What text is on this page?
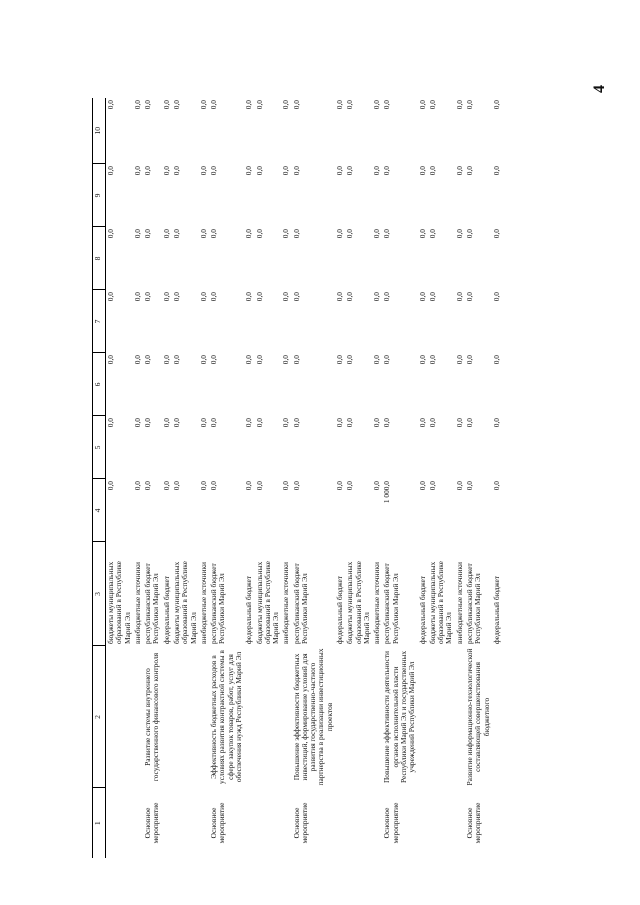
4
1	2	3	4	5	6	7	8	9	10
		бюджеты муниципальных образований в Республике Марий Эл	0,0	0,0	0,0	0,0	0,0	0,0	0,0
		внебюджетные источники	0,0	0,0	0,0	0,0	0,0	0,0	0,0
Основное мероприятие	Развитие системы внутреннего государственного финансового контроля	республиканский бюджет Республики Марий Эл	0,0	0,0	0,0	0,0	0,0	0,0	0,0
		федеральный бюджет	0,0	0,0	0,0	0,0	0,0	0,0	0,0
		бюджеты муниципальных образований в Республике Марий Эл	0,0	0,0	0,0	0,0	0,0	0,0	0,0
		внебюджетные источники	0,0	0,0	0,0	0,0	0,0	0,0	0,0
Основное мероприятие	Эффективность бюджетных расходов в условиях развития контрактной системы в сфере закупок товаров, работ, услуг для обеспечения нужд Республики Марий Эл	республиканский бюджет Республики Марий Эл	0,0	0,0	0,0	0,0	0,0	0,0	0,0
		федеральный бюджет	0,0	0,0	0,0	0,0	0,0	0,0	0,0
		бюджеты муниципальных образований в Республике Марий Эл	0,0	0,0	0,0	0,0	0,0	0,0	0,0
		внебюджетные источники	0,0	0,0	0,0	0,0	0,0	0,0	0,0
Основное мероприятие	Повышение эффективности бюджетных инвестиций, формирование условий для развития государственно-частного партнерства в реализации инвестиционных проектов	республиканский бюджет Республики Марий Эл	0,0	0,0	0,0	0,0	0,0	0,0	0,0
		федеральный бюджет	0,0	0,0	0,0	0,0	0,0	0,0	0,0
		бюджеты муниципальных образований в Республике Марий Эл	0,0	0,0	0,0	0,0	0,0	0,0	0,0
		внебюджетные источники	0,0	0,0	0,0	0,0	0,0	0,0	0,0
Основное мероприятие	Повышение эффективности деятельности органов исполнительной власти Республики Марий Эл и государственных учреждений Республики Марий Эл	республиканский бюджет Республики Марий Эл	1 000,0	0,0	0,0	0,0	0,0	0,0	0,0
		федеральный бюджет	0,0	0,0	0,0	0,0	0,0	0,0	0,0
		бюджеты муниципальных образований в Республике Марий Эл	0,0	0,0	0,0	0,0	0,0	0,0	0,0
		внебюджетные источники	0,0	0,0	0,0	0,0	0,0	0,0	0,0
Основное мероприятие	Развитие информационно-технологической составляющей совершенствования бюджетного	республиканский бюджет Республики Марий Эл	0,0	0,0	0,0	0,0	0,0	0,0	0,0
		федеральный бюджет	0,0	0,0	0,0	0,0	0,0	0,0	0,0
